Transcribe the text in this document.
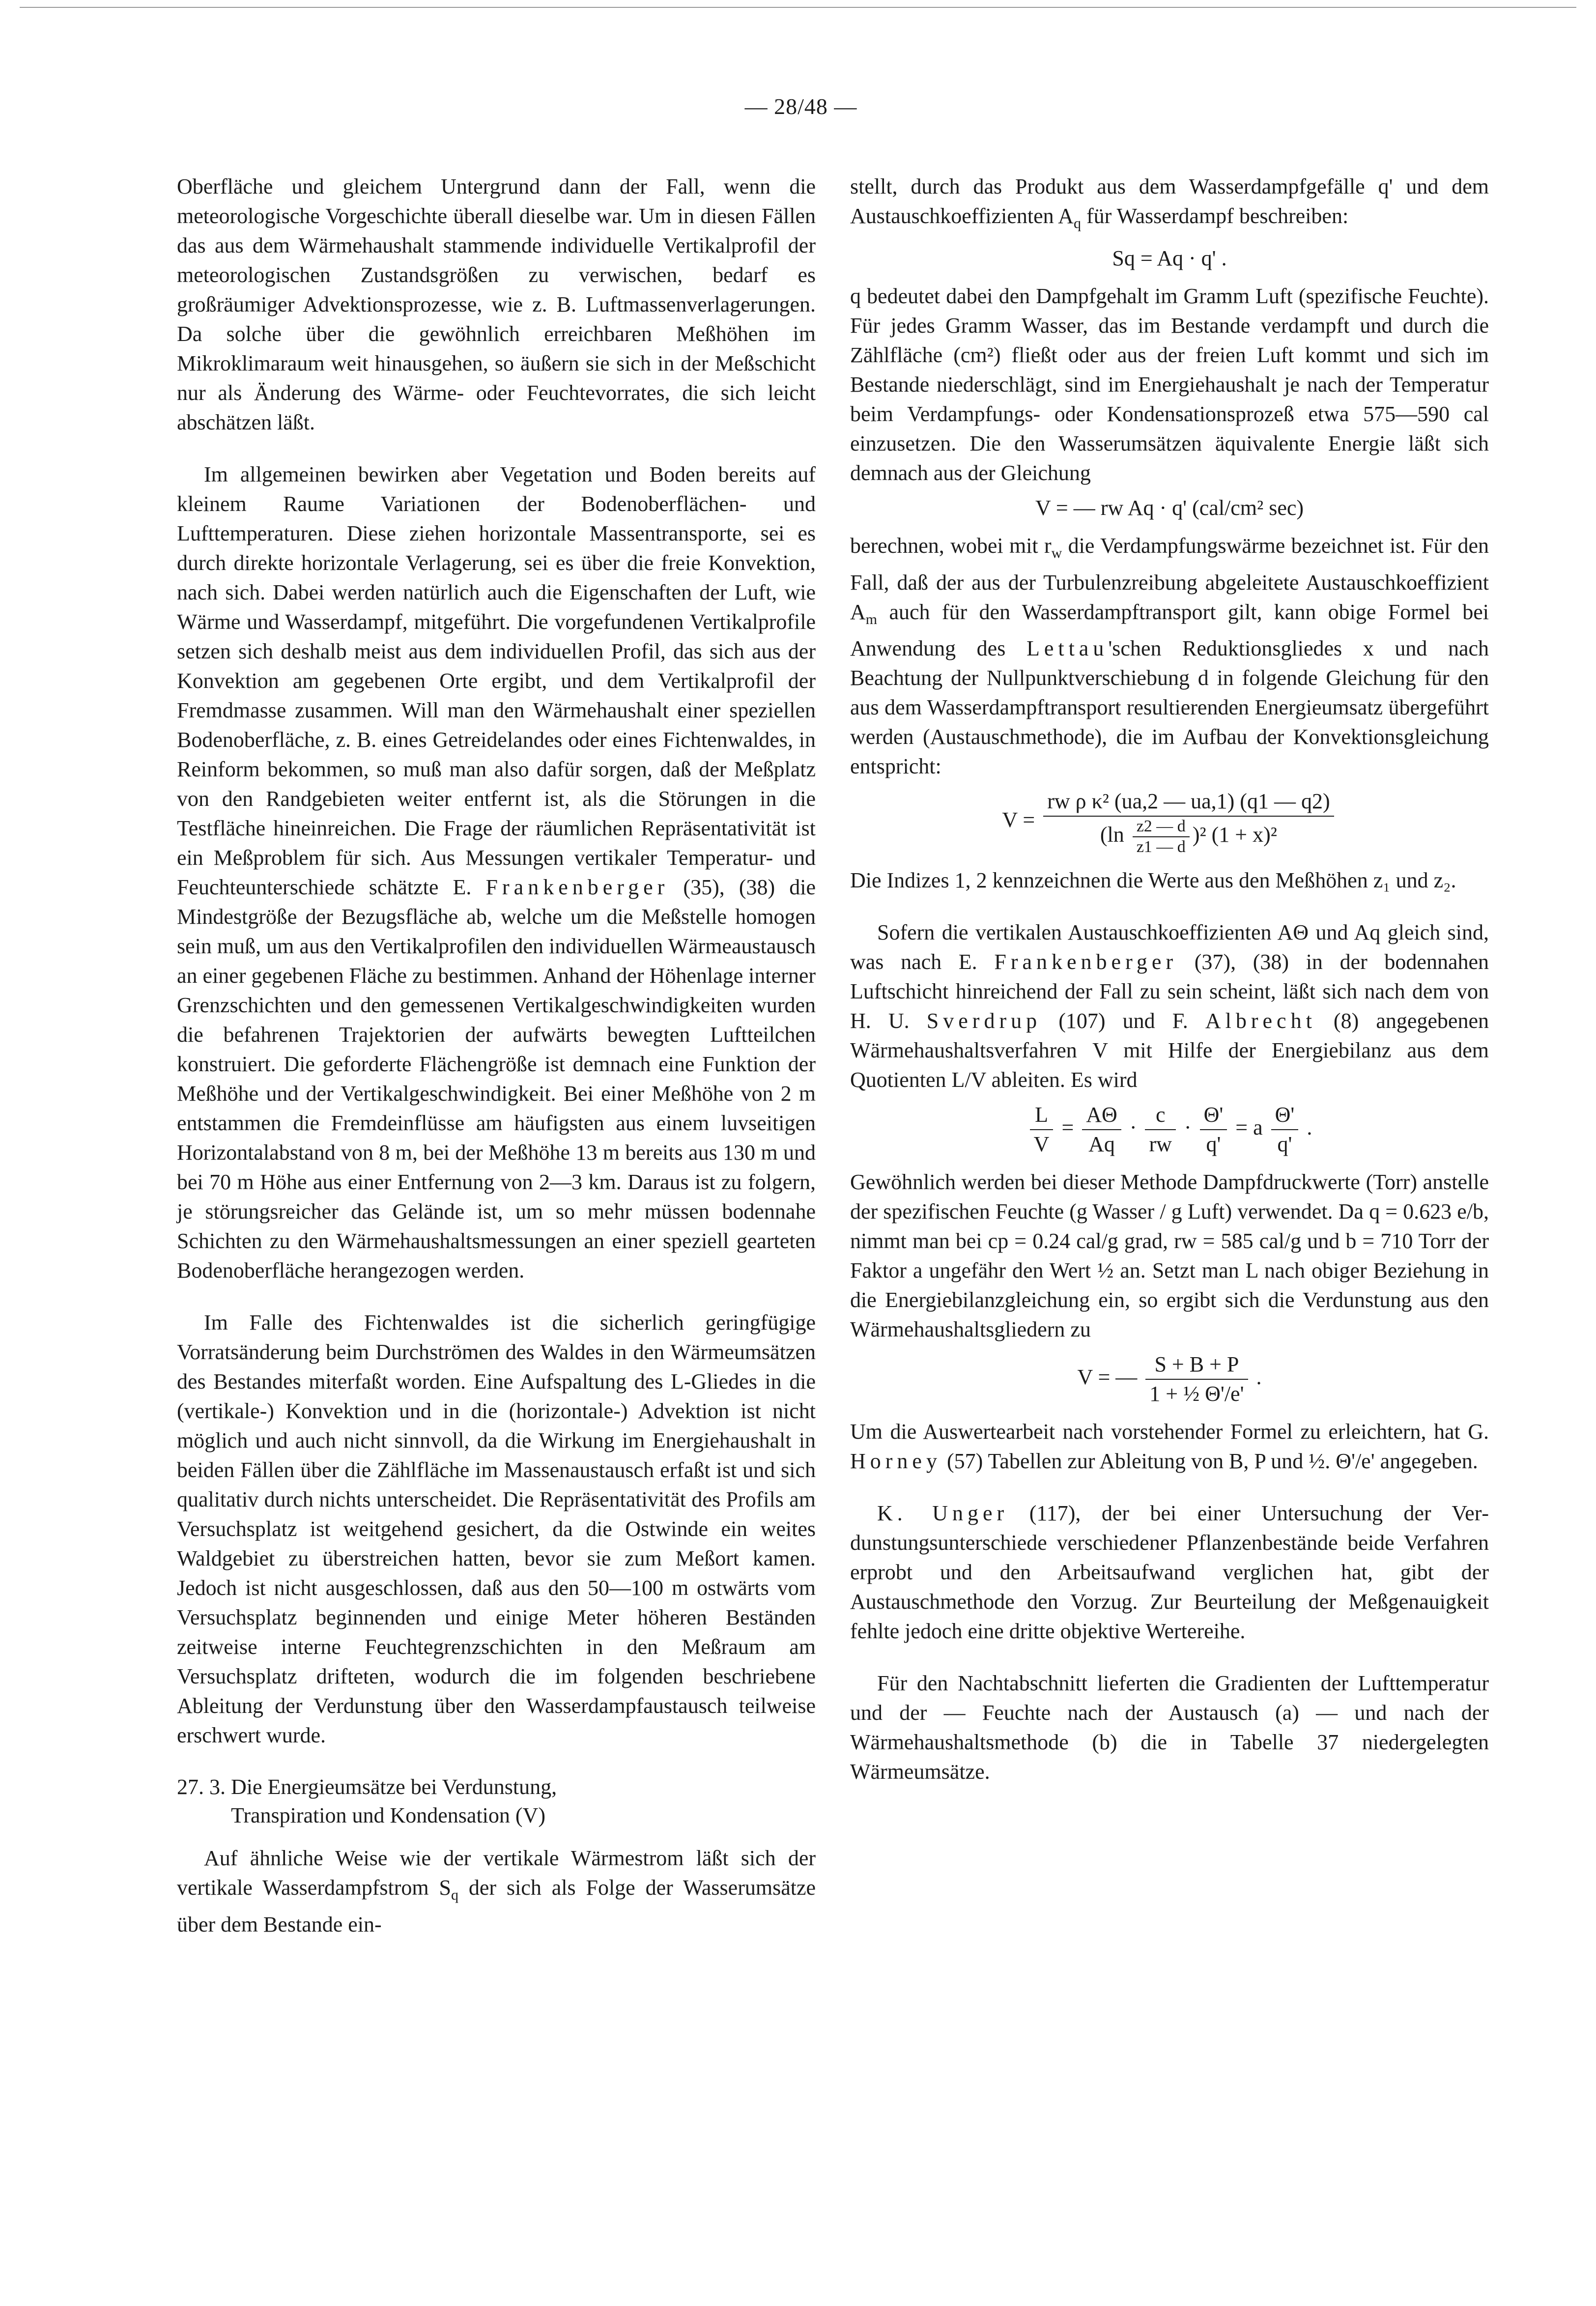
— 28/48 —

Oberfläche und gleichem Untergrund dann der Fall, wenn die meteorologische Vorgeschichte überall dieselbe war. Um in diesen Fällen das aus dem Wärmehaushalt stammende individuelle Vertikalprofil der meteorologischen Zustandsgrößen zu verwischen, bedarf es großräumiger Advektionsprozesse, wie z. B. Luftmassenverlagerungen. Da solche über die gewöhnlich erreichbaren Meßhöhen im Mikroklimaraum weit hinausgehen, so äußern sie sich in der Meßschicht nur als Änderung des Wärme- oder Feuchtevorrates, die sich leicht abschätzen läßt.

Im allgemeinen bewirken aber Vegetation und Boden bereits auf kleinem Raume Variationen der Bodenoberflächen- und Lufttemperaturen. Diese ziehen horizontale Massentransporte, sei es durch direkte horizontale Verlagerung, sei es über die freie Konvektion, nach sich. Dabei werden natürlich auch die Eigenschaften der Luft, wie Wärme und Wasserdampf, mitgeführt. Die vorgefundenen Vertikalprofile setzen sich deshalb meist aus dem individuellen Profil, das sich aus der Konvektion am gegebenen Orte ergibt, und dem Vertikalprofil der Fremdmasse zusammen. Will man den Wärmehaushalt einer speziellen Bodenoberfläche, z. B. eines Getreidelandes oder eines Fichtenwaldes, in Reinform bekommen, so muß man also dafür sorgen, daß der Meßplatz von den Randgebieten weiter entfernt ist, als die Störungen in die Testfläche hineinreichen. Die Frage der räumlichen Repräsentativität ist ein Meßproblem für sich. Aus Messungen vertikaler Temperatur- und Feuchteunterschiede schätzte E. Frankenberger (35), (38) die Mindestgröße der Bezugsfläche ab, welche um die Meßstelle homogen sein muß, um aus den Vertikalprofilen den individuellen Wärmeaustausch an einer gegebenen Fläche zu bestimmen. Anhand der Höhenlage interner Grenzschichten und den gemessenen Vertikalgeschwindigkeiten wurden die befahrenen Trajektorien der aufwärts bewegten Luftteilchen konstruiert. Die geforderte Flächengröße ist demnach eine Funktion der Meßhöhe und der Vertikalgeschwindigkeit. Bei einer Meßhöhe von 2 m entstammen die Fremdeinflüsse am häufigsten aus einem luvseitigen Horizontalabstand von 8 m, bei der Meßhöhe 13 m bereits aus 130 m und bei 70 m Höhe aus einer Entfernung von 2—3 km. Daraus ist zu folgern, je störungsreicher das Gelände ist, um so mehr müssen bodennahe Schichten zu den Wärmehaushaltsmessungen an einer speziell gearteten Bodenoberfläche herangezogen werden.

Im Falle des Fichtenwaldes ist die sicherlich geringfügige Vorratsänderung beim Durchströmen des Waldes in den Wärmeumsätzen des Bestandes miterfaßt worden. Eine Aufspaltung des L-Gliedes in die (vertikale-) Konvektion und in die (horizontale-) Advektion ist nicht möglich und auch nicht sinnvoll, da die Wirkung im Energiehaushalt in beiden Fällen über die Zählfläche im Massenaustausch erfaßt ist und sich qualitativ durch nichts unterscheidet. Die Repräsentativität des Profils am Versuchsplatz ist weitgehend gesichert, da die Ostwinde ein weites Waldgebiet zu überstreichen hatten, bevor sie zum Meßort kamen. Jedoch ist nicht ausgeschlossen, daß aus den 50—100 m ostwärts vom Versuchsplatz beginnenden und einige Meter höheren Beständen zeitweise interne Feuchtegrenzschichten in den Meßraum am Versuchsplatz drifteten, wodurch die im folgenden beschriebene Ableitung der Verdunstung über den Wasserdampfaustausch teilweise erschwert wurde.

27. 3. Die Energieumsätze bei Verdunstung,
Transpiration und Kondensation (V)

Auf ähnliche Weise wie der vertikale Wärmestrom läßt sich der vertikale Wasserdampfstrom $S_q$ der sich als Folge der Wasserumsätze über dem Bestande ein-

stellt, durch das Produkt aus dem Wasserdampfgefälle q' und dem Austauschkoeffizienten $A_q$ für Wasserdampf beschreiben:

Sq = Aq · q' .

q bedeutet dabei den Dampfgehalt im Gramm Luft (spezifische Feuchte). Für jedes Gramm Wasser, das im Bestande verdampft und durch die Zählfläche (cm²) fließt oder aus der freien Luft kommt und sich im Bestande niederschlägt, sind im Energiehaushalt je nach der Temperatur beim Verdampfungs- oder Kondensationsprozeß etwa 575—590 cal einzusetzen. Die den Wasserumsätzen äquivalente Energie läßt sich demnach aus der Gleichung

V = — rw Aq · q' (cal/cm² sec)

berechnen, wobei mit $r_w$ die Verdampfungswärme bezeichnet ist. Für den Fall, daß der aus der Turbulenzreibung abgeleitete Austauschkoeffizient $A_m$ auch für den Wasserdampftransport gilt, kann obige Formel bei Anwendung des Lettau'schen Reduktionsgliedes x und nach Beachtung der Nullpunktverschiebung d in folgende Gleichung für den aus dem Wasserdampftransport resultierenden Energieumsatz übergeführt werden (Austauschmethode), die im Aufbau der Konvektionsgleichung entspricht:

$V = \frac{\text{rw ρ κ² (ua,2 — ua,1) (q1 — q2)}}{(\ln \frac{z2 — d}{z1 — d} )^2 (1 + x)^2}$

Die Indizes 1, 2 kennzeichnen die Werte aus den Meßhöhen z₁ und z₂.

Sofern die vertikalen Austauschkoeffizienten AΘ und Aq gleich sind, was nach E. Frankenberger (37), (38) in der bodennahen Luftschicht hinreichend der Fall zu sein scheint, läßt sich nach dem von H. U. Sverdrup (107) und F. Albrecht (8) angegebenen Wärmehaushaltsverfahren V mit Hilfe der Energiebilanz aus dem Quotienten L/V ableiten. Es wird

$\frac{L}{V} = \frac{A\Theta}{Aq} \cdot \frac{c}{rw} \cdot \frac{\Theta'}{q'} = a \frac{\Theta'}{q'}$ .

Gewöhnlich werden bei dieser Methode Dampfdruckwerte (Torr) anstelle der spezifischen Feuchte (g Wasser / g Luft) verwendet. Da q = 0.623 e/b, nimmt man bei cp = 0.24 cal/g grad, rw = 585 cal/g und b = 710 Torr der Faktor a ungefähr den Wert ½ an. Setzt man L nach obiger Beziehung in die Energiebilanzgleichung ein, so ergibt sich die Verdunstung aus den Wärmehaushaltsgliedern zu

V = — $\frac{S + B + P}{\text{1 + ½ Θ'/e'}}$ .

Um die Auswertearbeit nach vorstehender Formel zu erleichtern, hat G. Horney (57) Tabellen zur Ableitung von B, P und ½. Θ'/e' angegeben.

K. Unger (117), der bei einer Untersuchung der Verdunstungsunterschiede verschiedener Pflanzenbestände beide Verfahren erprobt und den Arbeitsaufwand verglichen hat, gibt der Austauschmethode den Vorzug. Zur Beurteilung der Meßgenauigkeit fehlte jedoch eine dritte objektive Wertereihe.

Für den Nachtabschnitt lieferten die Gradienten der Lufttemperatur und der — Feuchte nach der Austausch (a) — und nach der Wärmehaushaltsmethode (b) die in Tabelle 37 niedergelegten Wärmeumsätze.
